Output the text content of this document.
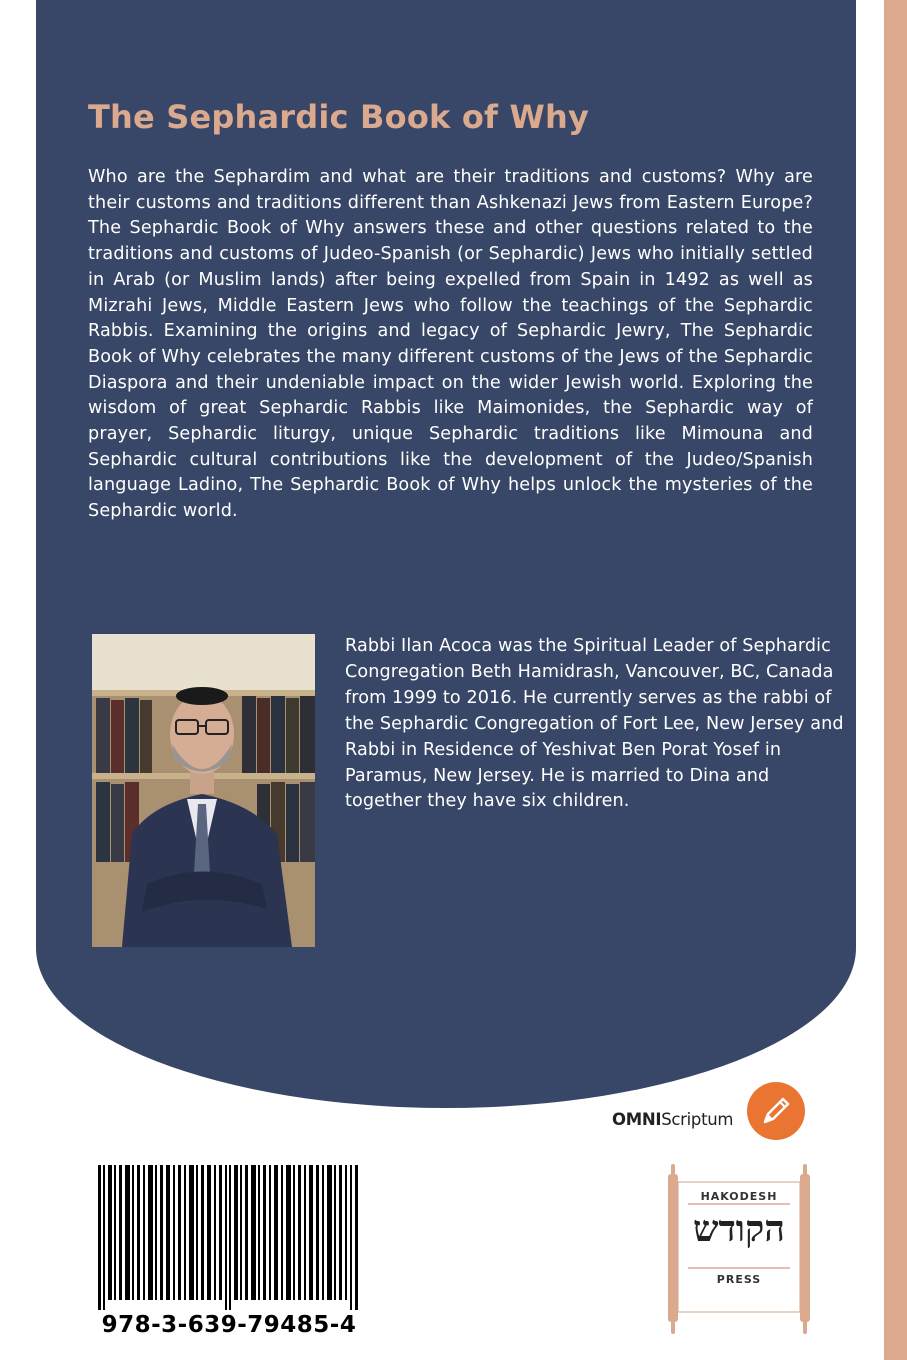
The Sephardic Book of Why

Who are the Sephardim and what are their traditions and customs? Why are their customs and traditions different than Ashkenazi Jews from Eastern Europe? The Sephardic Book of Why answers these and other questions related to the traditions and customs of Judeo-Spanish (or Sephardic) Jews who initially settled in Arab (or Muslim lands) after being expelled from Spain in 1492 as well as Mizrahi Jews, Middle Eastern Jews who follow the teachings of the Sephardic Rabbis. Examining the origins and legacy of Sephardic Jewry, The Sephardic Book of Why celebrates the many different customs of the Jews of the Sephardic Diaspora and their undeniable impact on the wider Jewish world. Exploring the wisdom of great Sephardic Rabbis like Maimonides, the Sephardic way of prayer, Sephardic liturgy, unique Sephardic traditions like Mimouna and Sephardic cultural contributions like the development of the Judeo/Spanish language Ladino, The Sephardic Book of Why helps unlock the mysteries of the Sephardic world.

Rabbi Ilan Acoca was the Spiritual Leader of Sephardic Congregation Beth Hamidrash, Vancouver, BC, Canada from 1999 to 2016. He currently serves as the rabbi of the Sephardic Congregation of Fort Lee, New Jersey and Rabbi in Residence of Yeshivat Ben Porat Yosef in Paramus, New Jersey. He is married to Dina and together they have six children.

OMNIScriptum
978-3-639-79485-4
HAKODESH
הקודש
PRESS
